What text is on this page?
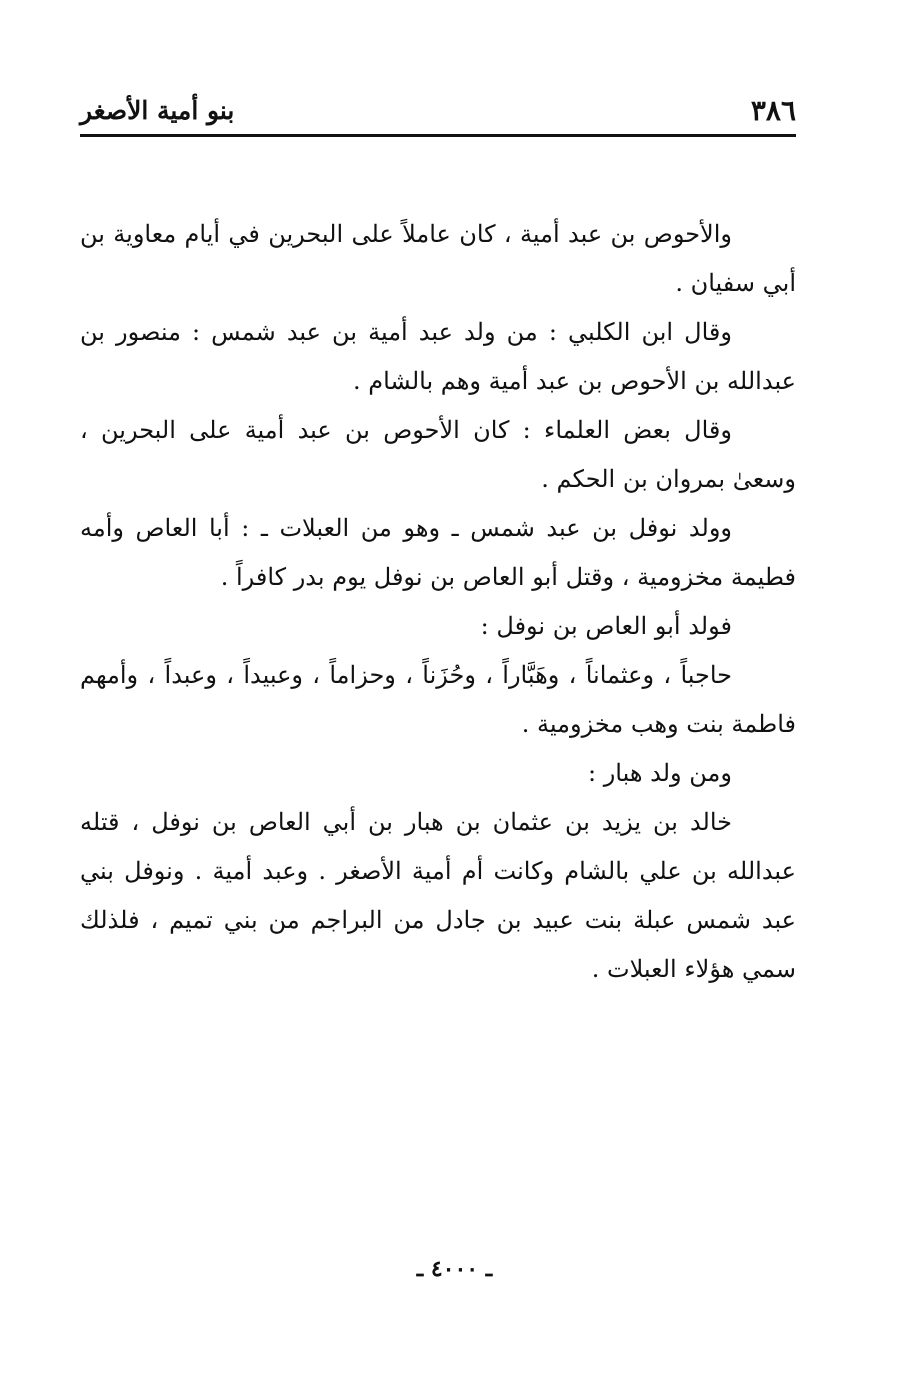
٣٨٦
بنو أمية الأصغر

والأحوص بن عبد أمية ، كان عاملاً على البحرين في أيام معاوية بن أبي سفيان .

وقال ابن الكلبي : من ولد عبد أمية بن عبد شمس : منصور بن عبدالله بن الأحوص بن عبد أمية وهم بالشام .

وقال بعض العلماء : كان الأحوص بن عبد أمية على البحرين ، وسعىٰ بمروان بن الحكم .

وولد نوفل بن عبد شمس ـ وهو من العبلات ـ : أبا العاص وأمه فطيمة مخزومية ، وقتل أبو العاص بن نوفل يوم بدر كافراً .

فولد أبو العاص بن نوفل :

حاجباً ، وعثماناً ، وهَبَّاراً ، وحُزَناً ، وحزاماً ، وعبيداً ، وعبداً ، وأمهم فاطمة بنت وهب مخزومية .

ومن ولد هبار :

خالد بن يزيد بن عثمان بن هبار بن أبي العاص بن نوفل ، قتله عبدالله بن علي بالشام وكانت أم أمية الأصغر . وعبد أمية . ونوفل بني عبد شمس عبلة بنت عبيد بن جادل من البراجم من بني تميم ، فلذلك سمي هؤلاء العبلات .

ـ ٤٠٠٠ ـ
